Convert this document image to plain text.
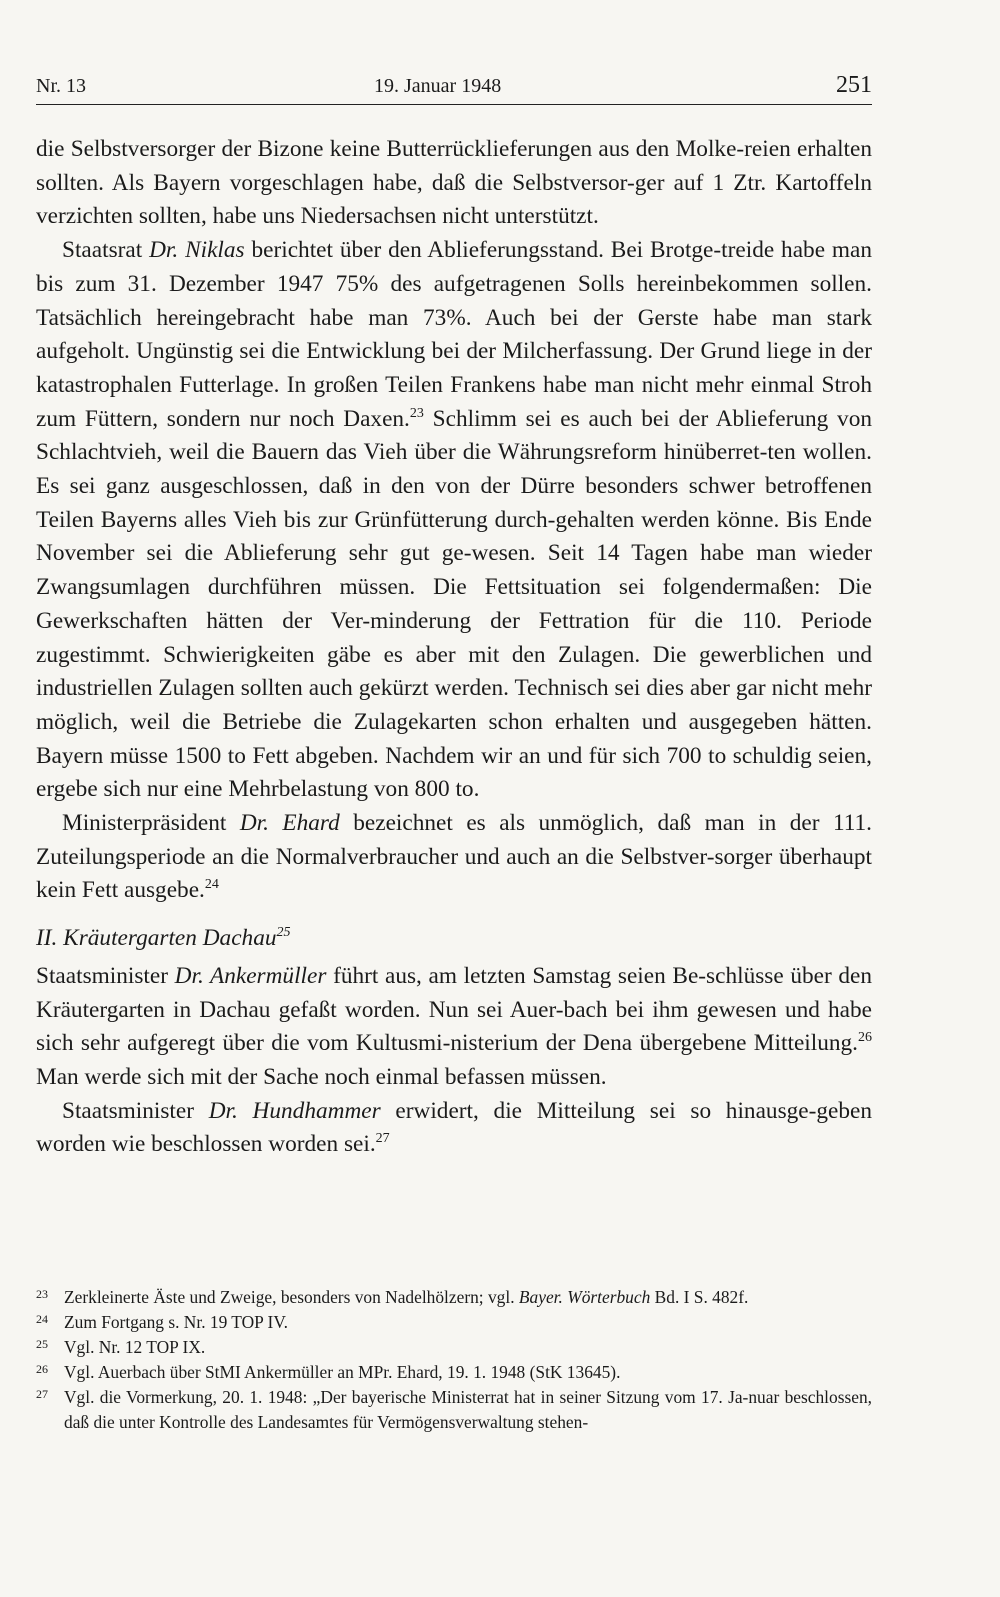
Nr. 13	19. Januar 1948	251

die Selbstversorger der Bizone keine Butterrücklieferungen aus den Molke-reien erhalten sollten. Als Bayern vorgeschlagen habe, daß die Selbstversor-ger auf 1 Ztr. Kartoffeln verzichten sollten, habe uns Niedersachsen nicht unterstützt.

Staatsrat Dr. Niklas berichtet über den Ablieferungsstand. Bei Brotge-treide habe man bis zum 31. Dezember 1947 75% des aufgetragenen Solls hereinbekommen sollen. Tatsächlich hereingebracht habe man 73%. Auch bei der Gerste habe man stark aufgeholt. Ungünstig sei die Entwicklung bei der Milcherfassung. Der Grund liege in der katastrophalen Futterlage. In großen Teilen Frankens habe man nicht mehr einmal Stroh zum Füttern, sondern nur noch Daxen.$^{23}$ Schlimm sei es auch bei der Ablieferung von Schlachtvieh, weil die Bauern das Vieh über die Währungsreform hinüberret-ten wollen. Es sei ganz ausgeschlossen, daß in den von der Dürre besonders schwer betroffenen Teilen Bayerns alles Vieh bis zur Grünfütterung durch-gehalten werden könne. Bis Ende November sei die Ablieferung sehr gut ge-wesen. Seit 14 Tagen habe man wieder Zwangsumlagen durchführen müssen. Die Fettsituation sei folgendermaßen: Die Gewerkschaften hätten der Ver-minderung der Fettration für die 110. Periode zugestimmt. Schwierigkeiten gäbe es aber mit den Zulagen. Die gewerblichen und industriellen Zulagen sollten auch gekürzt werden. Technisch sei dies aber gar nicht mehr möglich, weil die Betriebe die Zulagekarten schon erhalten und ausgegeben hätten. Bayern müsse 1500 to Fett abgeben. Nachdem wir an und für sich 700 to schuldig seien, ergebe sich nur eine Mehrbelastung von 800 to.

Ministerpräsident Dr. Ehard bezeichnet es als unmöglich, daß man in der 111. Zuteilungsperiode an die Normalverbraucher und auch an die Selbstver-sorger überhaupt kein Fett ausgebe.$^{24}$

II. Kräutergarten Dachau$^{25}$

Staatsminister Dr. Ankermüller führt aus, am letzten Samstag seien Be-schlüsse über den Kräutergarten in Dachau gefaßt worden. Nun sei Auer-bach bei ihm gewesen und habe sich sehr aufgeregt über die vom Kultusmi-nisterium der Dena übergebene Mitteilung.$^{26}$ Man werde sich mit der Sache noch einmal befassen müssen.

Staatsminister Dr. Hundhammer erwidert, die Mitteilung sei so hinausge-geben worden wie beschlossen worden sei.$^{27}$

23 Zerkleinerte Äste und Zweige, besonders von Nadelhölzern; vgl. Bayer. Wörterbuch Bd. I S. 482f.
24 Zum Fortgang s. Nr. 19 TOP IV.
25 Vgl. Nr. 12 TOP IX.
26 Vgl. Auerbach über StMI Ankermüller an MPr. Ehard, 19. 1. 1948 (StK 13645).
27 Vgl. die Vormerkung, 20. 1. 1948: „Der bayerische Ministerrat hat in seiner Sitzung vom 17. Ja-nuar beschlossen, daß die unter Kontrolle des Landesamtes für Vermögensverwaltung stehen-
